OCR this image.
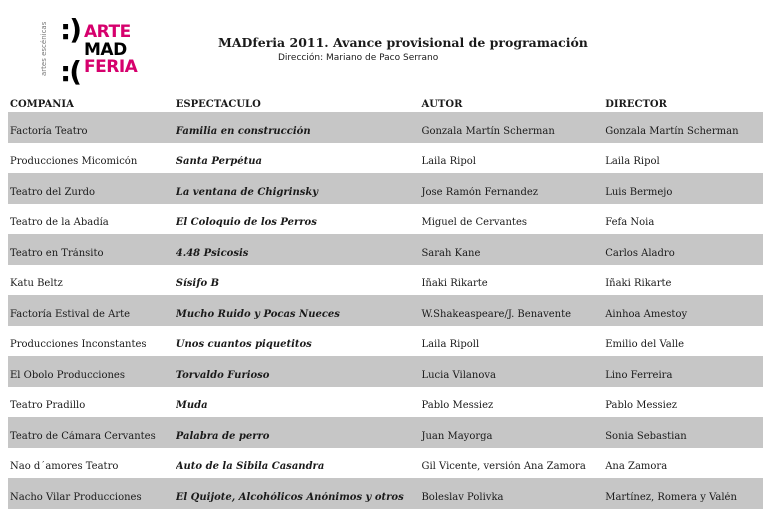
artes escénicas :)
:(
ARTE
MAD
FERIA
MADferia 2011. Avance provisional de programación
Dirección: Mariano de Paco Serrano
COMPAÑÍA	ESPECTÁCULO	AUTOR	DIRECTOR
Factoría Teatro	Familia en construcción	Gonzala Martín Scherman	Gonzala Martín Scherman
Producciones Micomicón	Santa Perpétua	Laila Ripol	Laila Ripol
Teatro del Zurdo	La ventana de Chigrinsky	Jose Ramón Fernandez	Luis Bermejo
Teatro de la Abadía	El Coloquio de los Perros	Miguel de Cervantes	Fefa Noia
Teatro en Tránsito	4.48 Psicosis	Sarah Kane	Carlos Aladro
Katu Beltz	Sísifo B	Iñaki Rikarte	Iñaki Rikarte
Factoría Estival de Arte	Mucho Ruido y Pocas Nueces	W.Shakeaspeare/J. Benavente	Ainhoa Amestoy
Producciones Inconstantes	Unos cuantos piquetitos	Laila Ripoll	Emilio del Valle
El Óbolo Producciones	Torvaldo Furioso	Lucia Vilanova	Lino Ferreira
Teatro Pradillo	Muda	Pablo Messiez	Pablo Messiez
Teatro de Cámara Cervantes	Palabra de perro	Juan Mayorga	Sonia Sebastian
Nao d´amores Teatro	Auto de la Sibila Casandra	Gil Vicente, versión Ana Zamora	Ana Zamora
Nacho Vilar Producciones	El Quijote, Alcohólicos Anónimos y otros	Boleslav Polivka	Martínez, Romera y Valén
